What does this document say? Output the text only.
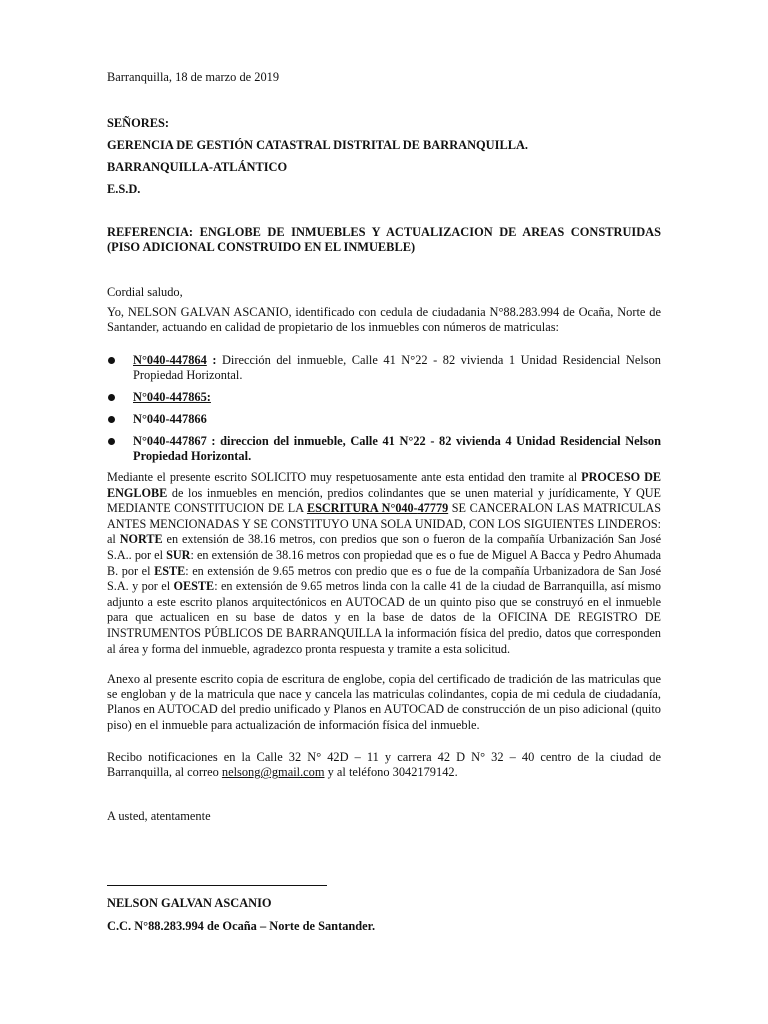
Barranquilla, 18 de marzo de 2019

SEÑORES:

GERENCIA DE GESTIÓN CATASTRAL DISTRITAL DE BARRANQUILLA.

BARRANQUILLA-ATLÁNTICO

E.S.D.

REFERENCIA: ENGLOBE DE INMUEBLES Y ACTUALIZACION DE AREAS CONSTRUIDAS (PISO ADICIONAL CONSTRUIDO EN EL INMUEBLE)

Cordial saludo,

Yo, NELSON GALVAN ASCANIO, identificado con cedula de ciudadania N°88.283.994 de Ocaña, Norte de Santander, actuando en calidad de propietario de los inmuebles con números de matriculas:

N°040-447864 : Dirección del inmueble, Calle 41 N°22 - 82 vivienda 1 Unidad Residencial Nelson Propiedad Horizontal.

N°040-447865:

N°040-447866

N°040-447867 : direccion del inmueble, Calle 41 N°22 - 82 vivienda 4 Unidad Residencial Nelson Propiedad Horizontal.

Mediante el presente escrito SOLICITO muy respetuosamente ante esta entidad den tramite al PROCESO DE ENGLOBE de los inmuebles en mención, predios colindantes que se unen material y jurídicamente, Y QUE MEDIANTE CONSTITUCION DE LA ESCRITURA N°040-47779 SE CANCERALON LAS MATRICULAS ANTES MENCIONADAS Y SE CONSTITUYO UNA SOLA UNIDAD, CON LOS SIGUIENTES LINDEROS: al NORTE en extensión de 38.16 metros, con predios que son o fueron de la compañía Urbanización San José S.A.. por el SUR: en extensión de 38.16 metros con propiedad que es o fue de Miguel A Bacca y Pedro Ahumada B. por el ESTE: en extensión de 9.65 metros con predio que es o fue de la compañía Urbanizadora de San José S.A. y por el OESTE: en extensión de 9.65 metros linda con la calle 41 de la ciudad de Barranquilla, así mismo adjunto a este escrito planos arquitectónicos en AUTOCAD de un quinto piso que se construyó en el inmueble para que actualicen en su base de datos y en la base de datos de la OFICINA DE REGISTRO DE INSTRUMENTOS PÚBLICOS DE BARRANQUILLA la información física del predio, datos que corresponden al área y forma del inmueble, agradezco pronta respuesta y tramite a esta solicitud.

Anexo al presente escrito copia de escritura de englobe, copia del certificado de tradición de las matriculas que se engloban y de la matricula que nace y cancela las matriculas colindantes, copia de mi cedula de ciudadanía, Planos en AUTOCAD del predio unificado y Planos en AUTOCAD de construcción de un piso adicional (quito piso) en el inmueble para actualización de información física del inmueble.

Recibo notificaciones en la Calle 32 N° 42D – 11 y carrera 42 D N° 32 – 40 centro de la ciudad de Barranquilla, al correo nelsong@gmail.com y al teléfono 3042179142.

A usted, atentamente

NELSON GALVAN ASCANIO

C.C. N°88.283.994 de Ocaña – Norte de Santander.
